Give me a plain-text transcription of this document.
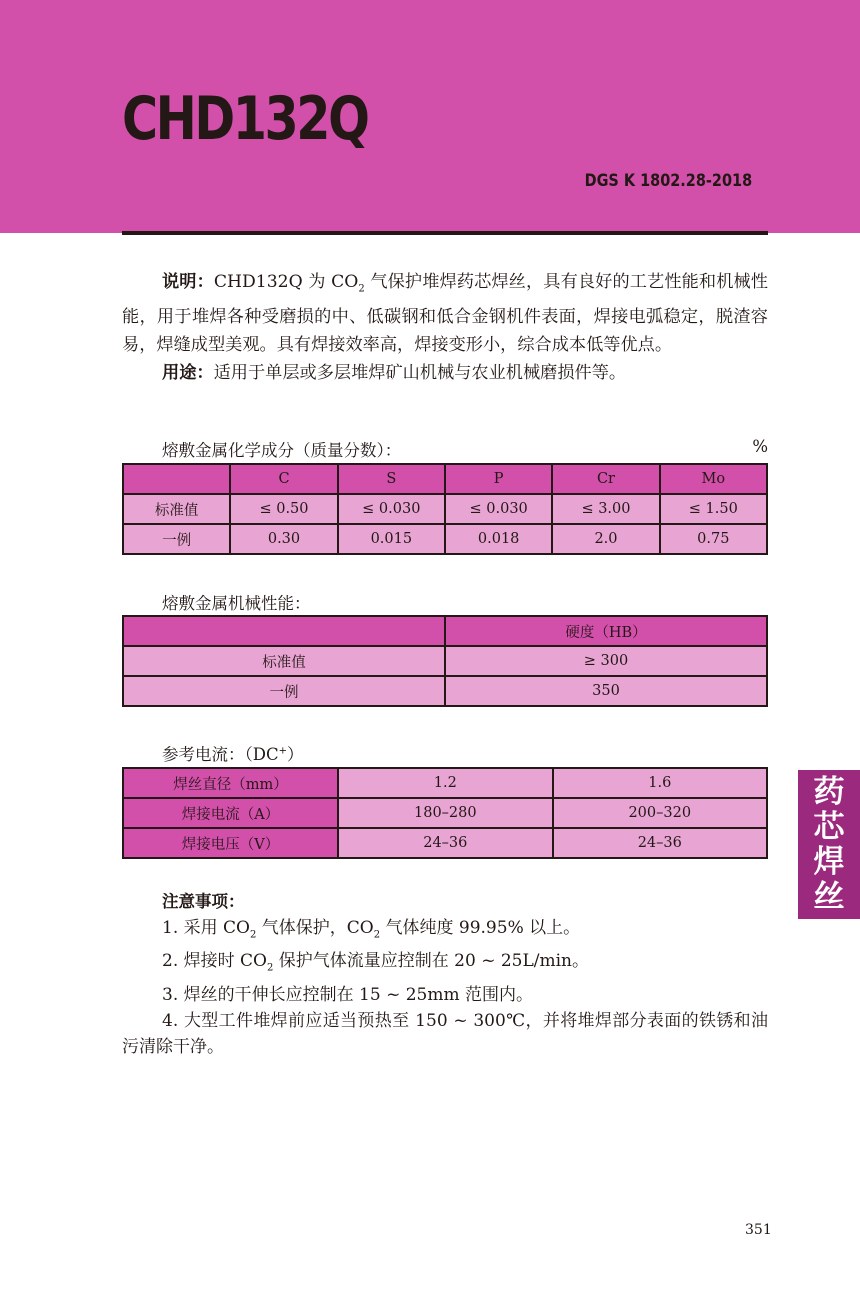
CHD132Q
DGS K 1802.28-2018

说明：CHD132Q 为 $CO_2$ 气保护堆焊药芯焊丝，具有良好的工艺性能和机械性能，用于堆焊各种受磨损的中、低碳钢和低合金钢机件表面，焊接电弧稳定，脱渣容易，焊缝成型美观。具有焊接效率高，焊接变形小，综合成本低等优点。

用途：适用于单层或多层堆焊矿山机械与农业机械磨损件等。

熔敷金属化学成分（质量分数）：	%
	C	S	P	Cr	Mo
标准值	≤ 0.50	≤ 0.030	≤ 0.030	≤ 3.00	≤ 1.50
一例	0.30	0.015	0.018	2.0	0.75
熔敷金属机械性能：
	硬度（HB）
标准值	≥ 300
一例	350
参考电流：（DC+）
焊丝直径（mm）	1.2	1.6
焊接电流（A）	180–280	200–320
焊接电压（V）	24–36	24–36
药芯焊丝
注意事项：

1. 采用 $CO_2$ 气体保护，$CO_2$ 气体纯度 99.95% 以上。

2. 焊接时 $CO_2$ 保护气体流量应控制在 20 ~ 25L/min。

3. 焊丝的干伸长应控制在 15 ~ 25mm 范围内。

4. 大型工件堆焊前应适当预热至 150 ~ 300℃，并将堆焊部分表面的铁锈和油污清除干净。

351
